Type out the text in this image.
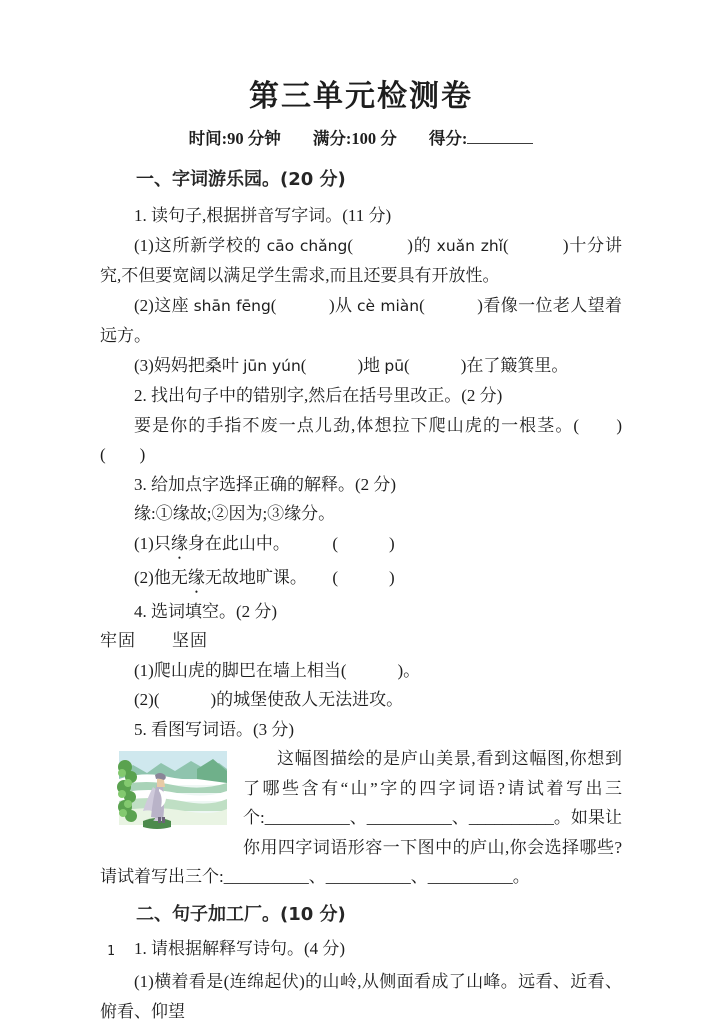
第三单元检测卷
时间:90 分钟 满分:100 分 得分:
一、字词游乐园。(20 分)

1. 读句子,根据拼音写字词。(11 分)

(1)这所新学校的 cāo chǎng(　　　)的 xuǎn zhǐ(　　　)十分讲究,不但要宽阔以满足学生需求,而且还要具有开放性。

(2)这座 shān fēng(　　　)从 cè miàn(　　　)看像一位老人望着远方。

(3)妈妈把桑叶 jūn yún(　　　)地 pū(　　　)在了簸箕里。

2. 找出句子中的错别字,然后在括号里改正。(2 分)

要是你的手指不废一点儿劲,体想拉下爬山虎的一根茎。(　　)(　　)

3. 给加点字选择正确的解释。(2 分)

缘:①缘故;②因为;③缘分。

(1)只缘身在此山中。　　　(　　　)

(2)他无缘无故地旷课。　　(　　　)

4. 选词填空。(2 分)

牢固　　坚固

(1)爬山虎的脚巴在墙上相当(　　　)。

(2)(　　　)的城堡使敌人无法进攻。

5. 看图写词语。(3 分)

这幅图描绘的是庐山美景,看到这幅图,你想到了哪些含有“山”字的四字词语?请试着写出三个:__________、__________、__________。如果让你用四字词语形容一下图中的庐山,你会选择哪些?请试着写出三个:__________、__________、__________。

二、句子加工厂。(10 分)

1. 请根据解释写诗句。(4 分)

(1)横着看是(连绵起伏)的山岭,从侧面看成了山峰。远看、近看、俯看、仰望

1
